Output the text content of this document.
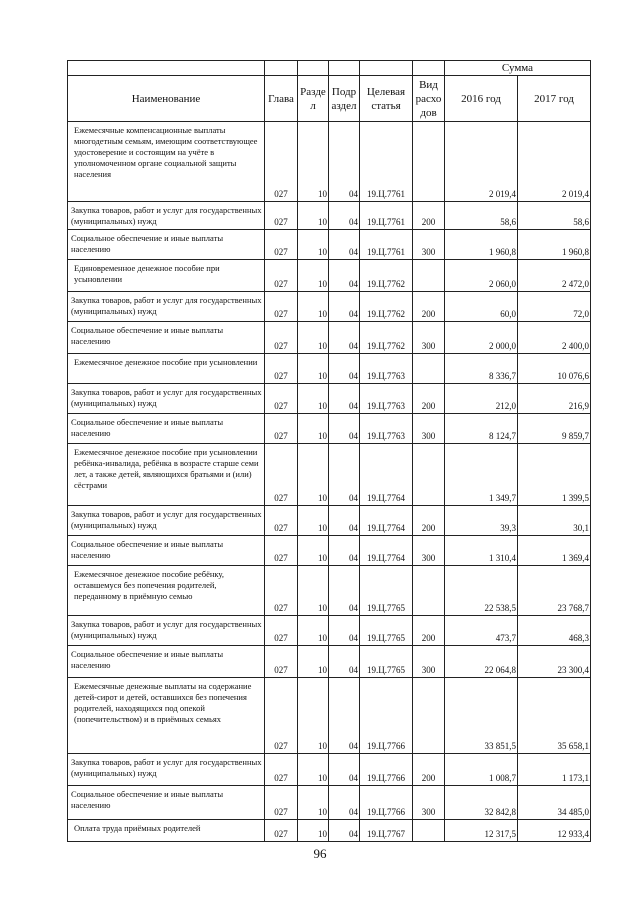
						Сумма	
Наименование	Глава	Разде л	Подр аздел	Целевая статья	Вид расхо дов	2016 год	2017 год
Ежемесячные компенсационные выплаты многодетным семьям, имеющим соответствующее удостоверение и состоящим на учёте в уполномоченном органе социальной защиты населения	027	10	04	19.Ц.7761		2 019,4	2 019,4
Закупка товаров, работ и услуг для государственных (муниципальных) нужд	027	10	04	19.Ц.7761	200	58,6	58,6
Социальное обеспечение и иные выплаты населению	027	10	04	19.Ц.7761	300	1 960,8	1 960,8
Единовременное денежное пособие при усыновлении	027	10	04	19.Ц.7762		2 060,0	2 472,0
Закупка товаров, работ и услуг для государственных (муниципальных) нужд	027	10	04	19.Ц.7762	200	60,0	72,0
Социальное обеспечение и иные выплаты населению	027	10	04	19.Ц.7762	300	2 000,0	2 400,0
Ежемесячное денежное пособие при усыновлении	027	10	04	19.Ц.7763		8 336,7	10 076,6
Закупка товаров, работ и услуг для государственных (муниципальных) нужд	027	10	04	19.Ц.7763	200	212,0	216,9
Социальное обеспечение и иные выплаты населению	027	10	04	19.Ц.7763	300	8 124,7	9 859,7
Ежемесячное денежное пособие при усыновлении ребёнка-инвалида, ребёнка в возрасте старше семи лет, а также детей, являющихся братьями и (или) сёстрами	027	10	04	19.Ц.7764		1 349,7	1 399,5
Закупка товаров, работ и услуг для государственных (муниципальных) нужд	027	10	04	19.Ц.7764	200	39,3	30,1
Социальное обеспечение и иные выплаты населению	027	10	04	19.Ц.7764	300	1 310,4	1 369,4
Ежемесячное денежное пособие ребёнку, оставшемуся без попечения родителей, переданному в приёмную семью	027	10	04	19.Ц.7765		22 538,5	23 768,7
Закупка товаров, работ и услуг для государственных (муниципальных) нужд	027	10	04	19.Ц.7765	200	473,7	468,3
Социальное обеспечение и иные выплаты населению	027	10	04	19.Ц.7765	300	22 064,8	23 300,4
Ежемесячные денежные выплаты на содержание детей-сирот и детей, оставшихся без попечения родителей, находящихся под опекой (попечительством) и в приёмных семьях	027	10	04	19.Ц.7766		33 851,5	35 658,1
Закупка товаров, работ и услуг для государственных (муниципальных) нужд	027	10	04	19.Ц.7766	200	1 008,7	1 173,1
Социальное обеспечение и иные выплаты населению	027	10	04	19.Ц.7766	300	32 842,8	34 485,0
Оплата труда приёмных родителей	027	10	04	19.Ц.7767		12 317,5	12 933,4
96
